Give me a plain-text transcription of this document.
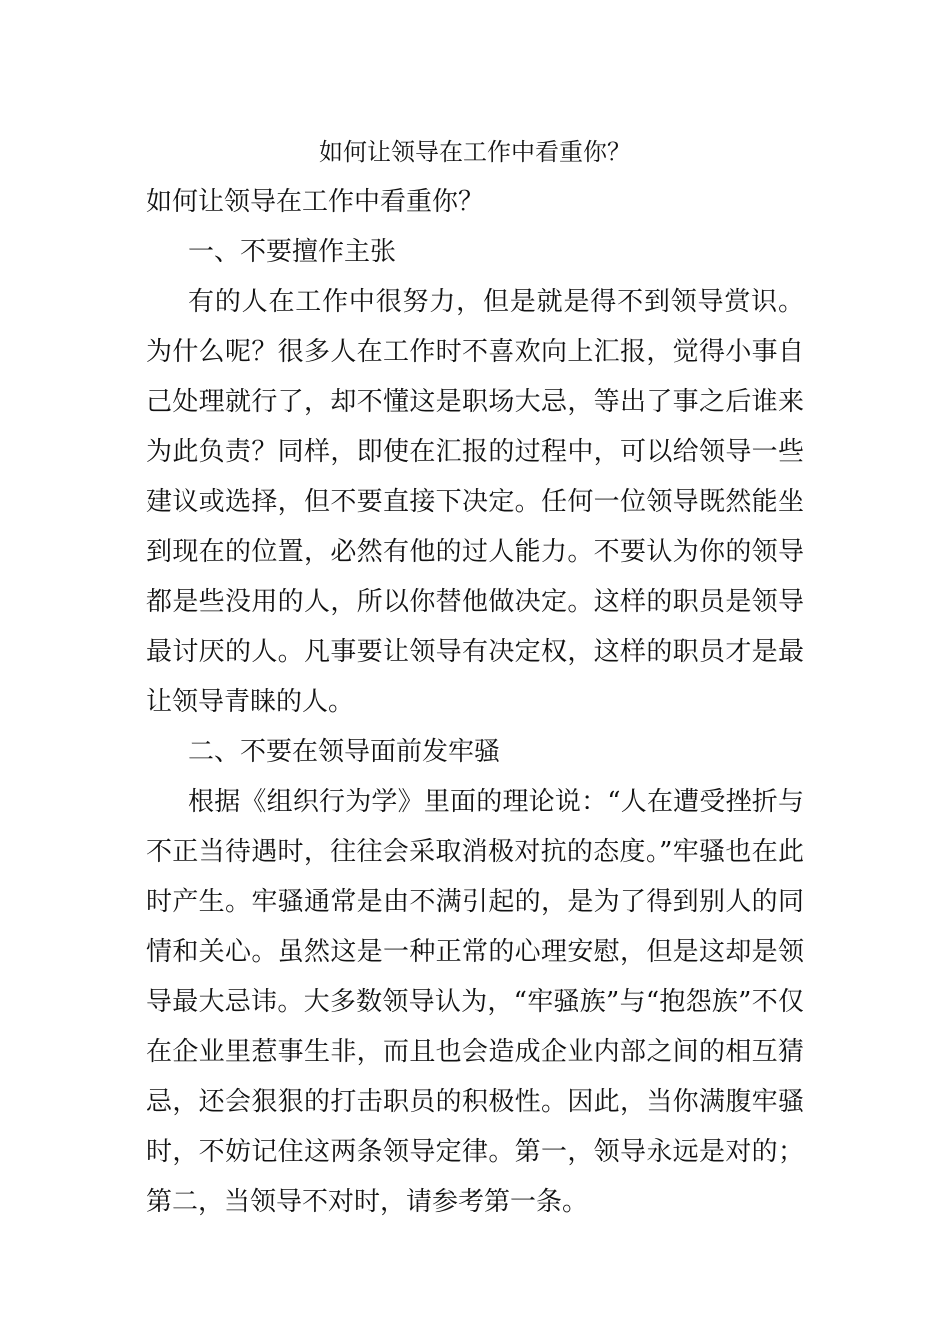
如何让领导在工作中看重你？

如何让领导在工作中看重你？

一、不要擅作主张

有的人在工作中很努力，但是就是得不到领导赏识。为什么呢？很多人在工作时不喜欢向上汇报，觉得小事自己处理就行了，却不懂这是职场大忌，等出了事之后谁来为此负责？同样，即使在汇报的过程中，可以给领导一些建议或选择，但不要直接下决定。任何一位领导既然能坐到现在的位置，必然有他的过人能力。不要认为你的领导都是些没用的人，所以你替他做决定。这样的职员是领导最讨厌的人。凡事要让领导有决定权，这样的职员才是最让领导青睐的人。

二、不要在领导面前发牢骚

根据《组织行为学》里面的理论说：“人在遭受挫折与不正当待遇时，往往会采取消极对抗的态度。”牢骚也在此时产生。牢骚通常是由不满引起的，是为了得到别人的同情和关心。虽然这是一种正常的心理安慰，但是这却是领导最大忌讳。大多数领导认为，“牢骚族”与“抱怨族”不仅在企业里惹事生非，而且也会造成企业内部之间的相互猜忌，还会狠狠的打击职员的积极性。因此，当你满腹牢骚时，不妨记住这两条领导定律。第一，领导永远是对的；第二，当领导不对时，请参考第一条。
